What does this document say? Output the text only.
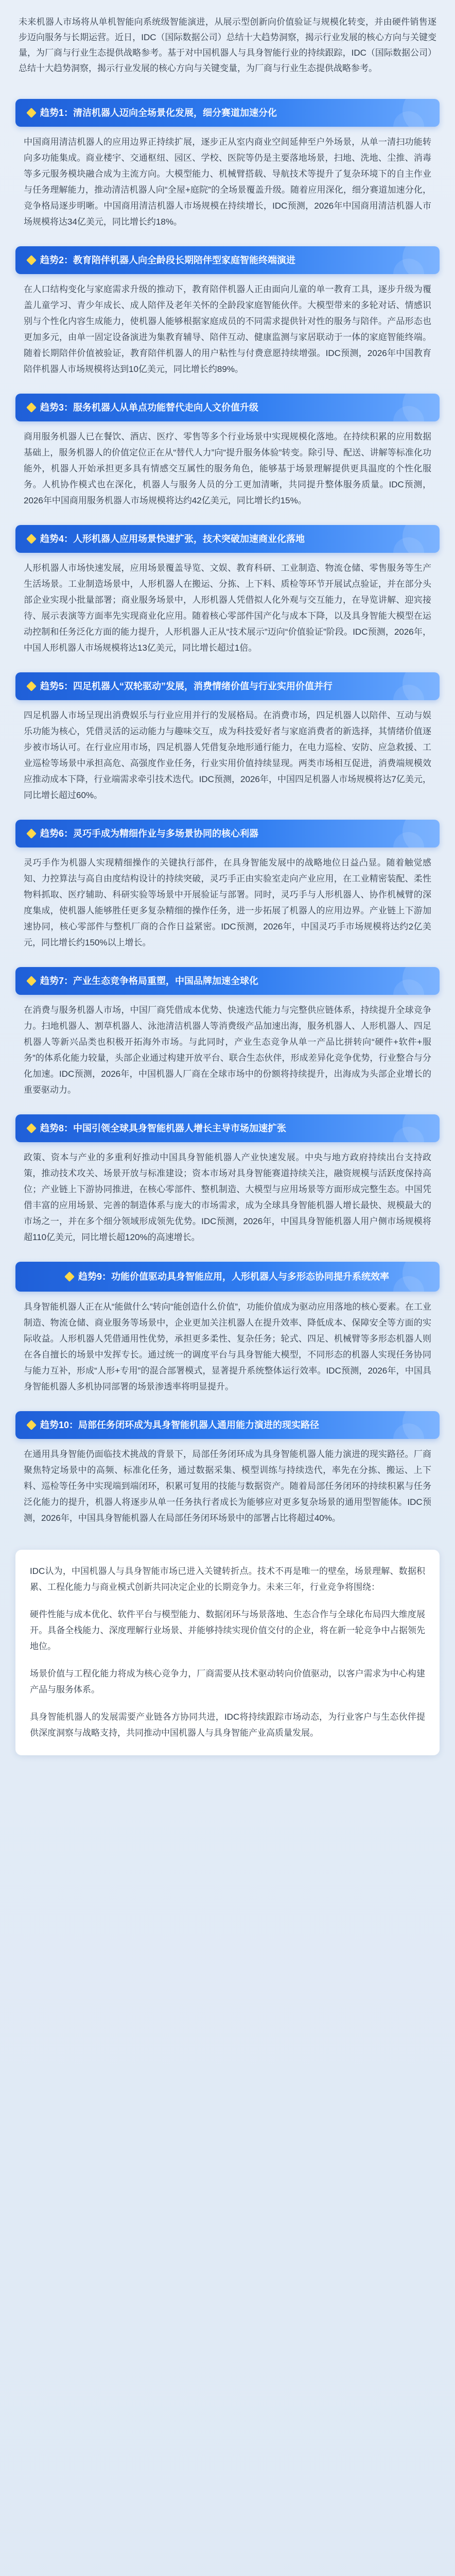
未来机器人市场将从单机智能向系统级智能演进，从展示型创新向价值验证与规模化转变，并由硬件销售逐步迈向服务与长期运营。近日，IDC（国际数据公司）总结十大趋势洞察，揭示行业发展的核心方向与关键变量，为厂商与行业生态提供战略参考。基于对中国机器人与具身智能行业的持续跟踪，IDC（国际数据公司）总结十大趋势洞察，揭示行业发展的核心方向与关键变量，为厂商与行业生态提供战略参考。

趋势1：清洁机器人迈向全场景化发展，细分赛道加速分化

中国商用清洁机器人的应用边界正持续扩展，逐步正从室内商业空间延伸至户外场景，从单一清扫功能转向多功能集成。商业楼宇、交通枢纽、园区、学校、医院等仍是主要落地场景，扫地、洗地、尘推、消毒等多元服务模块融合成为主流方向。大模型能力、机械臂搭载、导航技术等提升了复杂环境下的自主作业与任务理解能力，推动清洁机器人向“全屋+庭院”的全场景覆盖升级。随着应用深化，细分赛道加速分化，竞争格局逐步明晰。中国商用清洁机器人市场规模在持续增长，IDC预测，2026年中国商用清洁机器人市场规模将达34亿美元，同比增长约18%。

趋势2：教育陪伴机器人向全龄段长期陪伴型家庭智能终端演进

在人口结构变化与家庭需求升级的推动下，教育陪伴机器人正由面向儿童的单一教育工具，逐步升级为覆盖儿童学习、青少年成长、成人陪伴及老年关怀的全龄段家庭智能伙伴。大模型带来的多轮对话、情感识别与个性化内容生成能力，使机器人能够根据家庭成员的不同需求提供针对性的服务与陪伴。产品形态也更加多元，由单一固定设备演进为集教育辅导、陪伴互动、健康监测与家居联动于一体的家庭智能终端。随着长期陪伴价值被验证，教育陪伴机器人的用户粘性与付费意愿持续增强。IDC预测，2026年中国教育陪伴机器人市场规模将达到10亿美元，同比增长约89%。

趋势3：服务机器人从单点功能替代走向人文价值升级

商用服务机器人已在餐饮、酒店、医疗、零售等多个行业场景中实现规模化落地。在持续积累的应用数据基础上，服务机器人的价值定位正在从“替代人力”向“提升服务体验”转变。除引导、配送、讲解等标准化功能外，机器人开始承担更多具有情感交互属性的服务角色，能够基于场景理解提供更具温度的个性化服务。人机协作模式也在深化，机器人与服务人员的分工更加清晰，共同提升整体服务质量。IDC预测，2026年中国商用服务机器人市场规模将达约42亿美元，同比增长约15%。

趋势4：人形机器人应用场景快速扩张，技术突破加速商业化落地

人形机器人市场快速发展，应用场景覆盖导览、文娱、教育科研、工业制造、物流仓储、零售服务等生产生活场景。工业制造场景中，人形机器人在搬运、分拣、上下料、质检等环节开展试点验证，并在部分头部企业实现小批量部署；商业服务场景中，人形机器人凭借拟人化外观与交互能力，在导览讲解、迎宾接待、展示表演等方面率先实现商业化应用。随着核心零部件国产化与成本下降，以及具身智能大模型在运动控制和任务泛化方面的能力提升，人形机器人正从“技术展示”迈向“价值验证”阶段。IDC预测，2026年，中国人形机器人市场规模将达13亿美元，同比增长超过1倍。

趋势5：四足机器人“双轮驱动”发展，消费情绪价值与行业实用价值并行

四足机器人市场呈现出消费娱乐与行业应用并行的发展格局。在消费市场，四足机器人以陪伴、互动与娱乐功能为核心，凭借灵活的运动能力与趣味交互，成为科技爱好者与家庭消费者的新选择，其情绪价值逐步被市场认可。在行业应用市场，四足机器人凭借复杂地形通行能力，在电力巡检、安防、应急救援、工业巡检等场景中承担高危、高强度作业任务，行业实用价值持续显现。两类市场相互促进，消费端规模效应推动成本下降，行业端需求牵引技术迭代。IDC预测，2026年，中国四足机器人市场规模将达7亿美元，同比增长超过60%。

趋势6：灵巧手成为精细作业与多场景协同的核心利器

灵巧手作为机器人实现精细操作的关键执行部件，在具身智能发展中的战略地位日益凸显。随着触觉感知、力控算法与高自由度结构设计的持续突破，灵巧手正由实验室走向产业应用，在工业精密装配、柔性物料抓取、医疗辅助、科研实验等场景中开展验证与部署。同时，灵巧手与人形机器人、协作机械臂的深度集成，使机器人能够胜任更多复杂精细的操作任务，进一步拓展了机器人的应用边界。产业链上下游加速协同，核心零部件与整机厂商的合作日益紧密。IDC预测，2026年，中国灵巧手市场规模将达约2亿美元，同比增长约150%以上增长。

趋势7：产业生态竞争格局重塑，中国品牌加速全球化

在消费与服务机器人市场，中国厂商凭借成本优势、快速迭代能力与完整供应链体系，持续提升全球竞争力。扫地机器人、割草机器人、泳池清洁机器人等消费级产品加速出海，服务机器人、人形机器人、四足机器人等新兴品类也积极开拓海外市场。与此同时，产业生态竞争从单一产品比拼转向“硬件+软件+服务”的体系化能力较量，头部企业通过构建开放平台、联合生态伙伴，形成差异化竞争优势，行业整合与分化加速。IDC预测，2026年，中国机器人厂商在全球市场中的份额将持续提升，出海成为头部企业增长的重要驱动力。

趋势8：中国引领全球具身智能机器人增长主导市场加速扩张

政策、资本与产业的多重利好推动中国具身智能机器人产业快速发展。中央与地方政府持续出台支持政策，推动技术攻关、场景开放与标准建设；资本市场对具身智能赛道持续关注，融资规模与活跃度保持高位；产业链上下游协同推进，在核心零部件、整机制造、大模型与应用场景等方面形成完整生态。中国凭借丰富的应用场景、完善的制造体系与庞大的市场需求，成为全球具身智能机器人增长最快、规模最大的市场之一，并在多个细分领域形成领先优势。IDC预测，2026年，中国具身智能机器人用户侧市场规模将超110亿美元，同比增长超120%的高速增长。

趋势9：功能价值驱动具身智能应用，人形机器人与多形态协同提升系统效率

具身智能机器人正在从“能做什么”转向“能创造什么价值”，功能价值成为驱动应用落地的核心要素。在工业制造、物流仓储、商业服务等场景中，企业更加关注机器人在提升效率、降低成本、保障安全等方面的实际收益。人形机器人凭借通用性优势，承担更多柔性、复杂任务；轮式、四足、机械臂等多形态机器人则在各自擅长的场景中发挥专长。通过统一的调度平台与具身智能大模型，不同形态的机器人实现任务协同与能力互补，形成“人形+专用”的混合部署模式，显著提升系统整体运行效率。IDC预测，2026年，中国具身智能机器人多机协同部署的场景渗透率将明显提升。

趋势10：局部任务闭环成为具身智能机器人通用能力演进的现实路径

在通用具身智能仍面临技术挑战的背景下，局部任务闭环成为具身智能机器人能力演进的现实路径。厂商聚焦特定场景中的高频、标准化任务，通过数据采集、模型训练与持续迭代，率先在分拣、搬运、上下料、巡检等任务中实现端到端闭环，积累可复用的技能与数据资产。随着局部任务闭环的持续积累与任务泛化能力的提升，机器人将逐步从单一任务执行者成长为能够应对更多复杂场景的通用型智能体。IDC预测，2026年，中国具身智能机器人在局部任务闭环场景中的部署占比将超过40%。

IDC认为，中国机器人与具身智能市场已进入关键转折点。技术不再是唯一的壁垒，场景理解、数据积累、工程化能力与商业模式创新共同决定企业的长期竞争力。未来三年，行业竞争将围绕：

硬件性能与成本优化、软件平台与模型能力、数据闭环与场景落地、生态合作与全球化布局四大维度展开。具备全栈能力、深度理解行业场景、并能够持续实现价值交付的企业，将在新一轮竞争中占据领先地位。

场景价值与工程化能力将成为核心竞争力，厂商需要从技术驱动转向价值驱动，以客户需求为中心构建产品与服务体系。

具身智能机器人的发展需要产业链各方协同共进，IDC将持续跟踪市场动态，为行业客户与生态伙伴提供深度洞察与战略支持，共同推动中国机器人与具身智能产业高质量发展。
